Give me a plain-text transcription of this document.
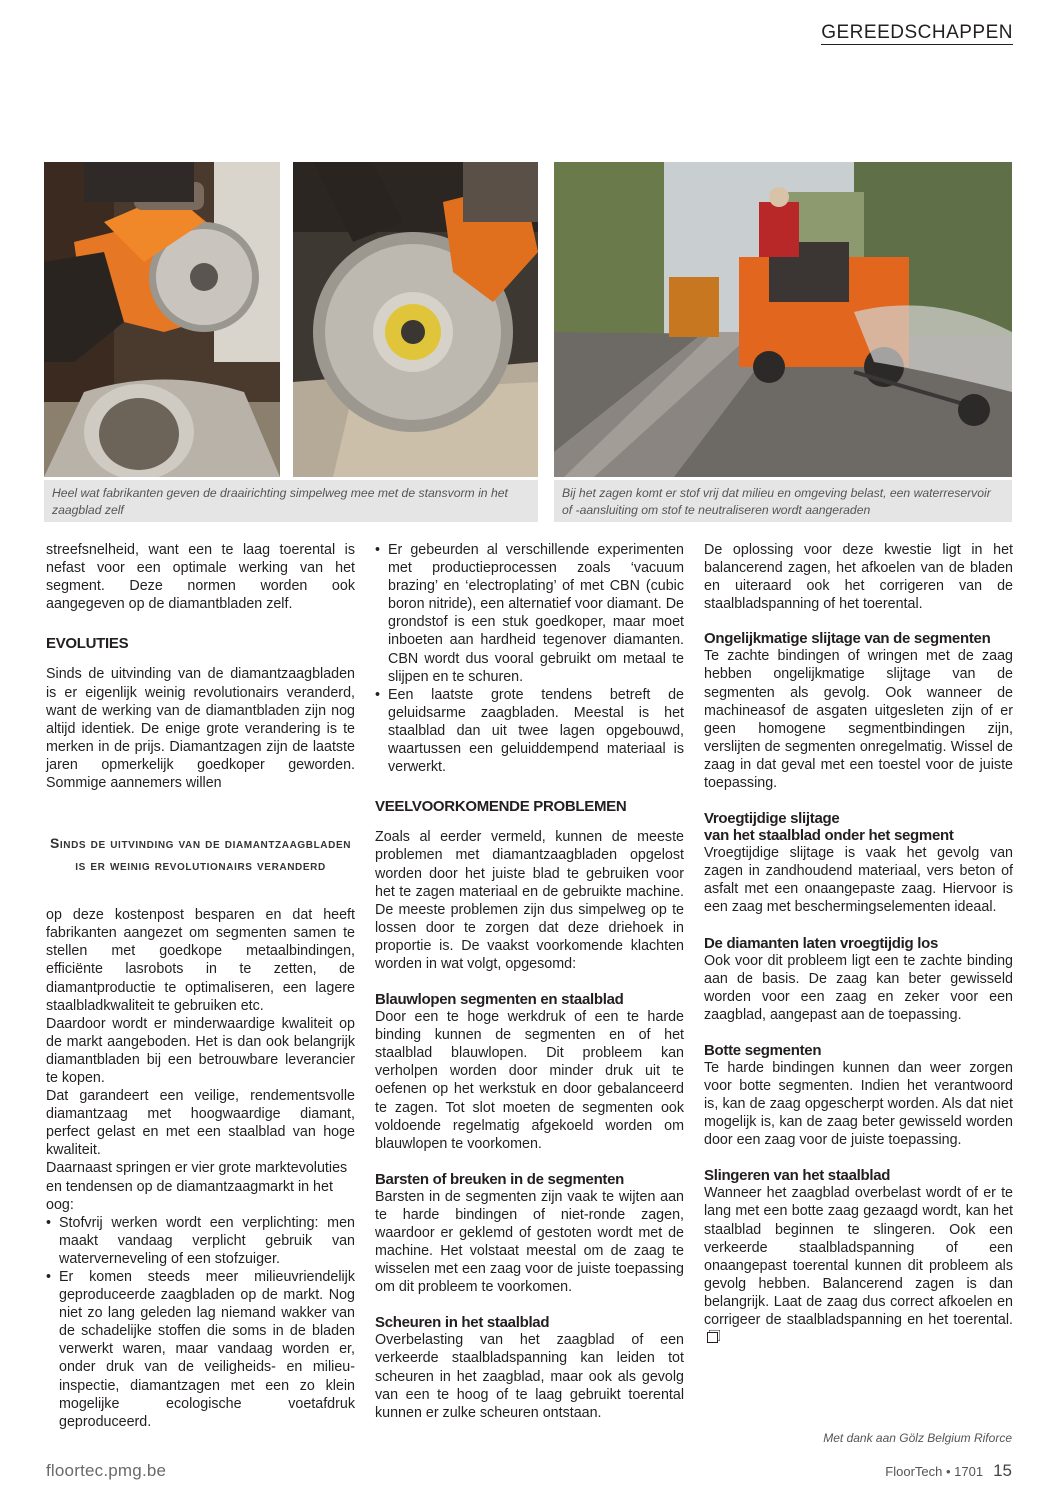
GEREEDSCHAPPEN
Heel wat fabrikanten geven de draairichting simpelweg mee met de stansvorm in het zaagblad zelf
Bij het zagen komt er stof vrij dat milieu en omgeving belast, een waterreservoir of -aansluiting om stof te neutraliseren wordt aangeraden

streefsnelheid, want een te laag toerental is nefast voor een optimale werking van het segment. Deze normen worden ook aangegeven op de diamantbladen zelf.

EVOLUTIES

Sinds de uitvinding van de diamantzaagbladen is er eigenlijk weinig revolutionairs veranderd, want de werking van de diamantbladen zijn nog altijd identiek. De enige grote verandering is te merken in de prijs. Diamantzagen zijn de laatste jaren opmerkelijk goedkoper geworden. Sommige aannemers willen

Sinds de uitvinding van de diamantzaagbladen is er weinig revolutionairs veranderd

op deze kostenpost besparen en dat heeft fabrikanten aangezet om segmenten samen te stellen met goedkope metaalbindingen, efficiënte lasrobots in te zetten, de diamantproductie te optimaliseren, een lagere staalbladkwaliteit te gebruiken etc.

Daardoor wordt er minderwaardige kwaliteit op de markt aangeboden. Het is dan ook belangrijk diamantbladen bij een betrouwbare leverancier te kopen.

Dat garandeert een veilige, rendementsvolle diamantzaag met hoogwaardige diamant, perfect gelast en met een staalblad van hoge kwaliteit.

Daarnaast springen er vier grote marktevoluties en tendensen op de diamantzaagmarkt in het oog:

• Stofvrij werken wordt een verplichting: men maakt vandaag verplicht gebruik van waterverneveling of een stofzuiger.
• Er komen steeds meer milieuvriendelijk geproduceerde zaagbladen op de markt. Nog niet zo lang geleden lag niemand wakker van de schadelijke stoffen die soms in de bladen verwerkt waren, maar vandaag worden er, onder druk van de veiligheids- en milieu-inspectie, diamantzagen met een zo klein mogelijke ecologische voetafdruk geproduceerd.
• Er gebeurden al verschillende experimenten met productieprocessen zoals ‘vacuum brazing’ en ‘electroplating’ of met CBN (cubic boron nitride), een alternatief voor diamant. De grondstof is een stuk goedkoper, maar moet inboeten aan hardheid tegenover diamanten. CBN wordt dus vooral gebruikt om metaal te slijpen en te schuren.
• Een laatste grote tendens betreft de geluidsarme zaagbladen. Meestal is het staalblad dan uit twee lagen opgebouwd, waartussen een geluiddempend materiaal is verwerkt.
VEELVOORKOMENDE PROBLEMEN

Zoals al eerder vermeld, kunnen de meeste problemen met diamantzaagbladen opgelost worden door het juiste blad te gebruiken voor het te zagen materiaal en de gebruikte machine. De meeste problemen zijn dus simpelweg op te lossen door te zorgen dat deze driehoek in proportie is. De vaakst voorkomende klachten worden in wat volgt, opgesomd:

Blauwlopen segmenten en staalblad

Door een te hoge werkdruk of een te harde binding kunnen de segmenten en of het staalblad blauwlopen. Dit probleem kan verholpen worden door minder druk uit te oefenen op het werkstuk en door gebalanceerd te zagen. Tot slot moeten de segmenten ook voldoende regelmatig afgekoeld worden om blauwlopen te voorkomen.

Barsten of breuken in de segmenten

Barsten in de segmenten zijn vaak te wijten aan te harde bindingen of niet-ronde zagen, waardoor er geklemd of gestoten wordt met de machine. Het volstaat meestal om de zaag te wisselen met een zaag voor de juiste toepassing om dit probleem te voorkomen.

Scheuren in het staalblad

Overbelasting van het zaagblad of een verkeerde staalbladspanning kan leiden tot scheuren in het zaagblad, maar ook als gevolg van een te hoog of te laag gebruikt toerental kunnen er zulke scheuren ontstaan.

De oplossing voor deze kwestie ligt in het balancerend zagen, het afkoelen van de bladen en uiteraard ook het corrigeren van de staalbladspanning of het toerental.

Ongelijkmatige slijtage van de segmenten

Te zachte bindingen of wringen met de zaag hebben ongelijkmatige slijtage van de segmenten als gevolg. Ook wanneer de machineasof de asgaten uitgesleten zijn of er geen homogene segmentbindingen zijn, verslijten de segmenten onregelmatig. Wissel de zaag in dat geval met een toestel voor de juiste toepassing.

Vroegtijdige slijtage
van het staalblad onder het segment

Vroegtijdige slijtage is vaak het gevolg van zagen in zandhoudend materiaal, vers beton of asfalt met een onaangepaste zaag. Hiervoor is een zaag met beschermingselementen ideaal.

De diamanten laten vroegtijdig los

Ook voor dit probleem ligt een te zachte binding aan de basis. De zaag kan beter gewisseld worden voor een zaag en zeker voor een zaagblad, aangepast aan de toepassing.

Botte segmenten

Te harde bindingen kunnen dan weer zorgen voor botte segmenten. Indien het verantwoord is, kan de zaag opgescherpt worden. Als dat niet mogelijk is, kan de zaag beter gewisseld worden door een zaag voor de juiste toepassing.

Slingeren van het staalblad

Wanneer het zaagblad overbelast wordt of er te lang met een botte zaag gezaagd wordt, kan het staalblad beginnen te slingeren. Ook een verkeerde staalbladspanning of een onaangepast toerental kunnen dit probleem als gevolg hebben. Balancerend zagen is dan belangrijk. Laat de zaag dus correct afkoelen en corrigeer de staalbladspanning en het toerental.

Met dank aan Gölz Belgium Riforce
floortec.pmg.be	FloorTech • 1701 15
